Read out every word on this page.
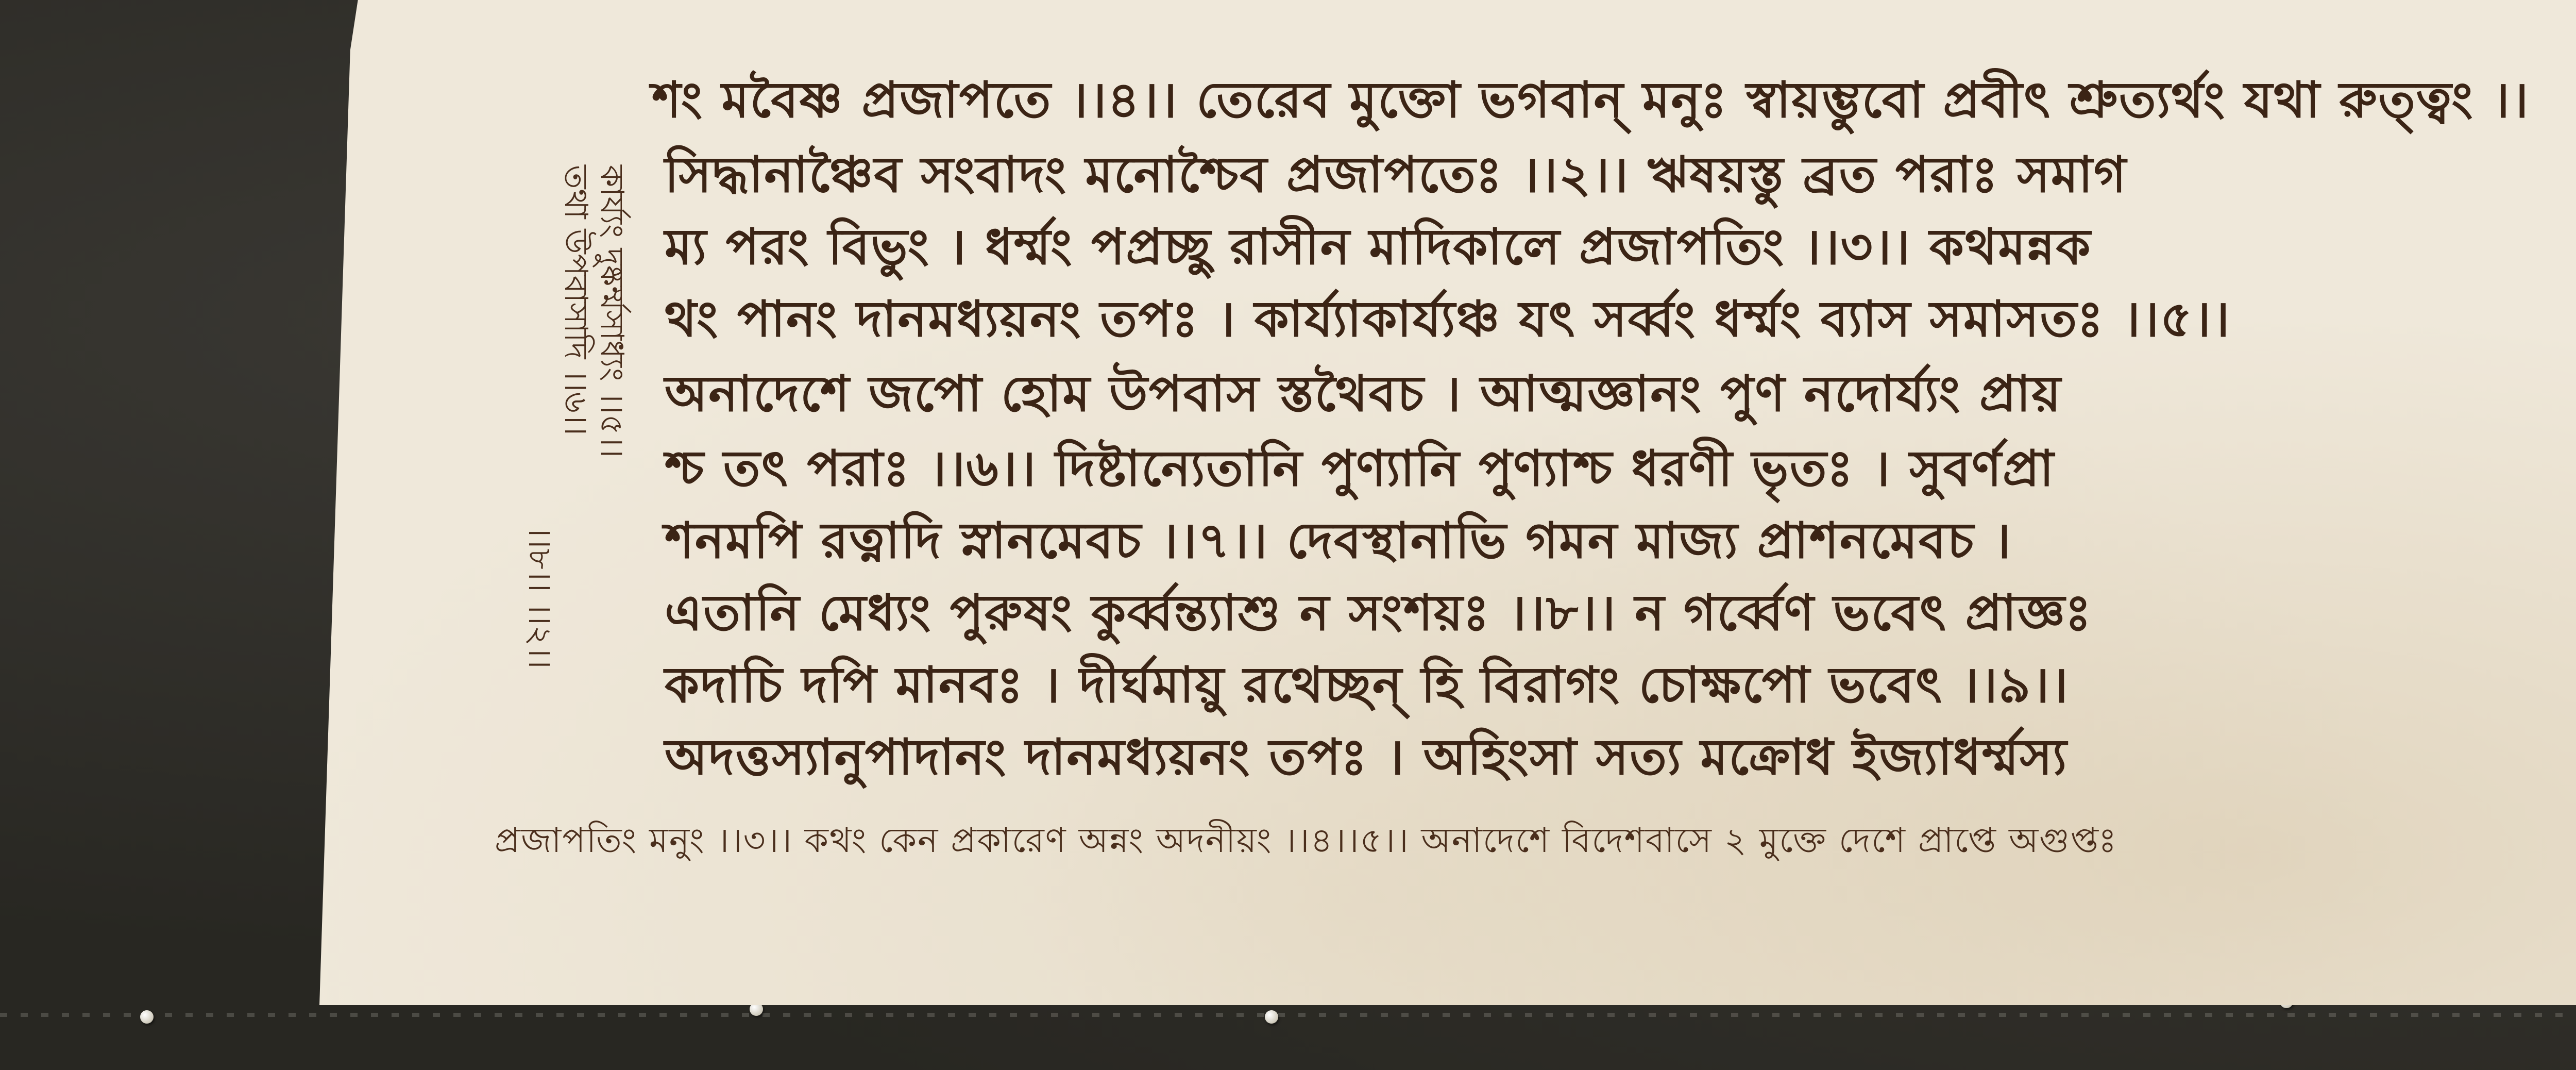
শং মবৈষ্ণ প্রজাপতে ।।৪।। তেরেব মুক্তো ভগবান্ মনুঃ স্বায়ম্ভুবো প্রবীৎ শ্রুত্যর্থং যথা রুত্ত্বং ।।

সিদ্ধানাঞ্চৈব সংবাদং মনোশ্চৈব প্রজাপতেঃ ।।২।। ঋষয়স্তু ব্রত পরাঃ সমাগ

ম্য পরং বিভুং । ধর্ম্মং পপ্রচ্ছু রাসীন মাদিকালে প্রজাপতিং ।।৩।। কথমন্নক

থং পানং দানমধ্যয়নং তপঃ । কার্য্যাকার্য্যঞ্চ যৎ সর্ব্বং ধর্ম্মং ব্যাস সমাসতঃ ।।৫।।

অনাদেশে জপো হোম উপবাস স্তথৈবচ । আত্মজ্ঞানং পুণ নদোর্য্যং প্রায়

শ্চ তৎ পরাঃ ।।৬।। দিষ্টান্যেতানি পুণ্যানি পুণ্যাশ্চ ধরণী ভৃতঃ । সুবর্ণপ্রা

শনমপি রত্নাদি স্নানমেবচ ।।৭।। দেবস্থানাভি গমন মাজ্য প্রাশনমেবচ ।

এতানি মেধ্যং পুরুষং কুর্ব্বন্ত্যাশু ন সংশয়ঃ ।।৮।। ন গর্ব্বেণ ভবেৎ প্রাজ্ঞঃ

কদাচি দপি মানবঃ । দীর্ঘমায়ু রথেচ্ছন্ হি বিরাগং চোক্ষপো ভবেৎ ।।৯।।

অদত্তস্যানুপাদানং দানমধ্যয়নং তপঃ । অহিংসা সত্য মক্রোধ ইজ্যাধর্ম্মস্য

প্রজাপতিং মনুং ।।৩।। কথং কেন প্রকারেণ অন্নং অদনীয়ং ।।৪।।৫।। অনাদেশে বিদেশবাসে ২ মুক্তে দেশে প্রাপ্তে অগুপ্তঃ

কার্য্যং দুষ্কর্ম্মসাধ্যং ।।৫।।

তথা উপবাসাদি ।।৬।।

।।৮।। ।।২।।
